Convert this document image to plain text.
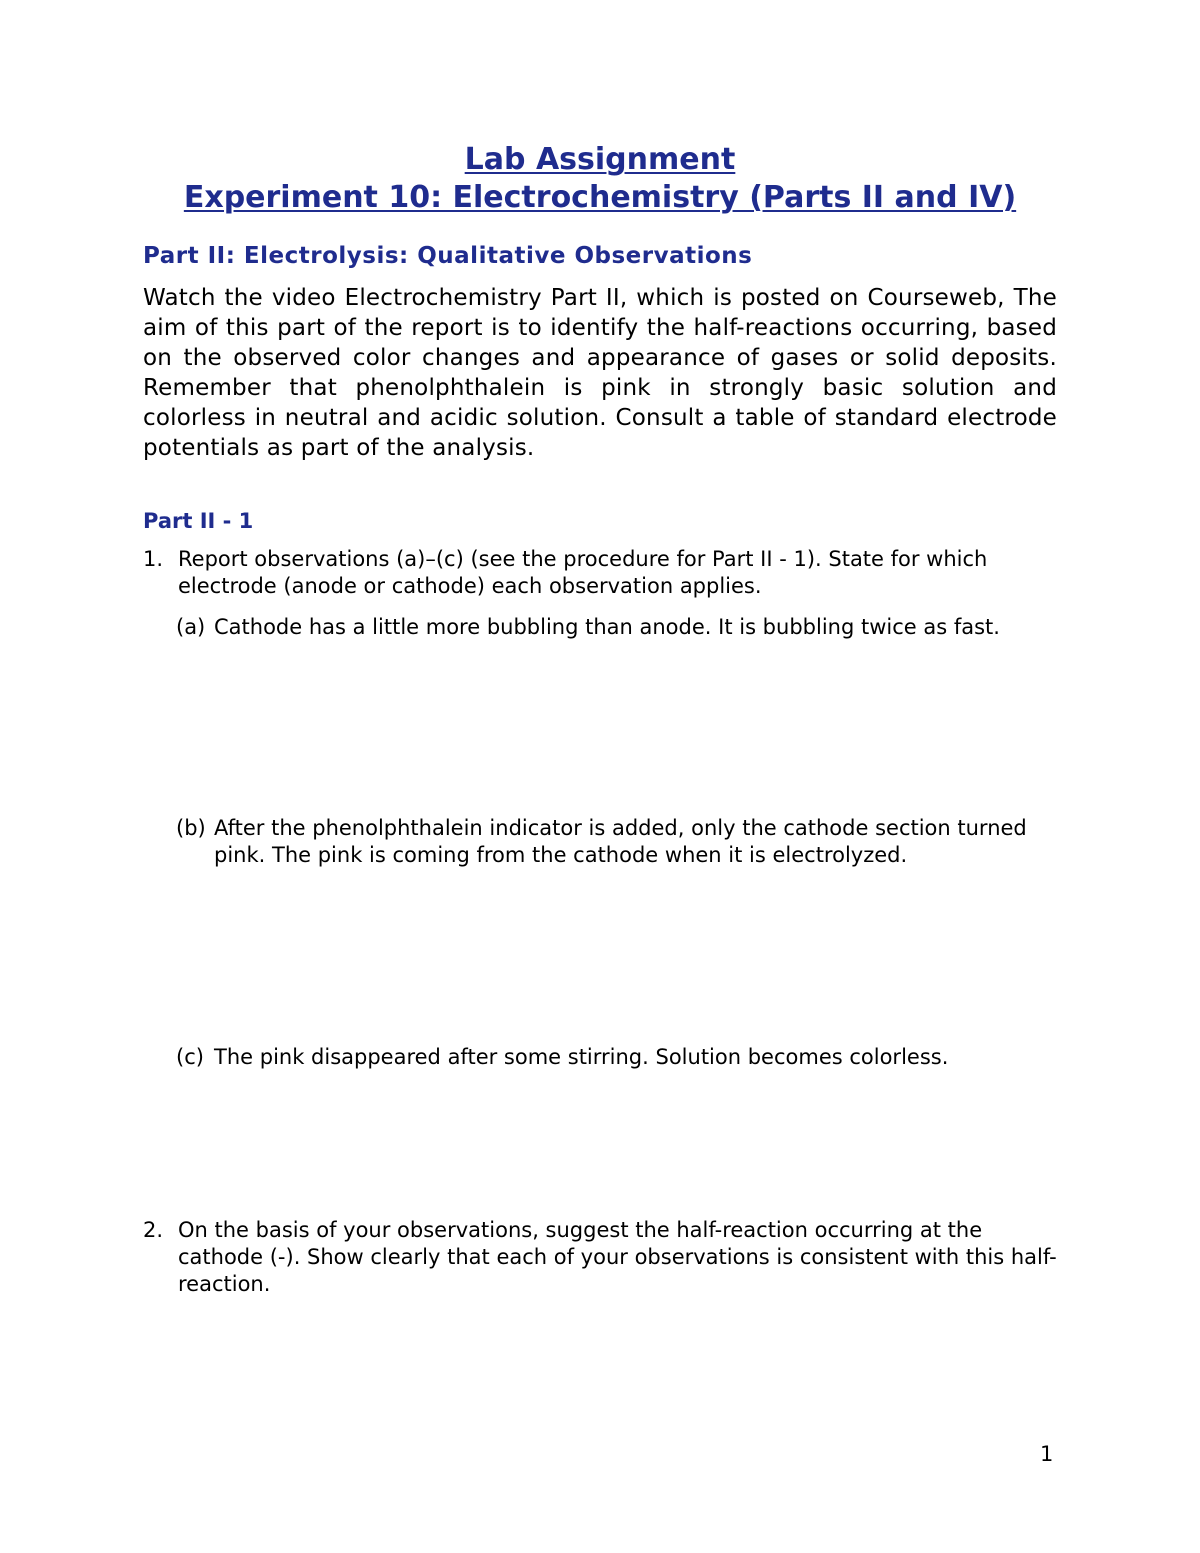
Lab Assignment
Experiment 10: Electrochemistry (Parts II and IV)
Part II: Electrolysis: Qualitative Observations

Watch the video Electrochemistry Part II, which is posted on Courseweb, The aim of this part of the report is to identify the half-reactions occurring, based on the observed color changes and appearance of gases or solid deposits. Remember that phenolphthalein is pink in strongly basic solution and colorless in neutral and acidic solution. Consult a table of standard electrode potentials as part of the analysis.

Part II - 1
1. Report observations (a)–(c) (see the procedure for Part II - 1). State for which electrode (anode or cathode) each observation applies.
(a) Cathode has a little more bubbling than anode. It is bubbling twice as fast.
(b) After the phenolphthalein indicator is added, only the cathode section turned pink. The pink is coming from the cathode when it is electrolyzed.
(c) The pink disappeared after some stirring. Solution becomes colorless.
2. On the basis of your observations, suggest the half-reaction occurring at the cathode (-). Show clearly that each of your observations is consistent with this half-reaction.

1
